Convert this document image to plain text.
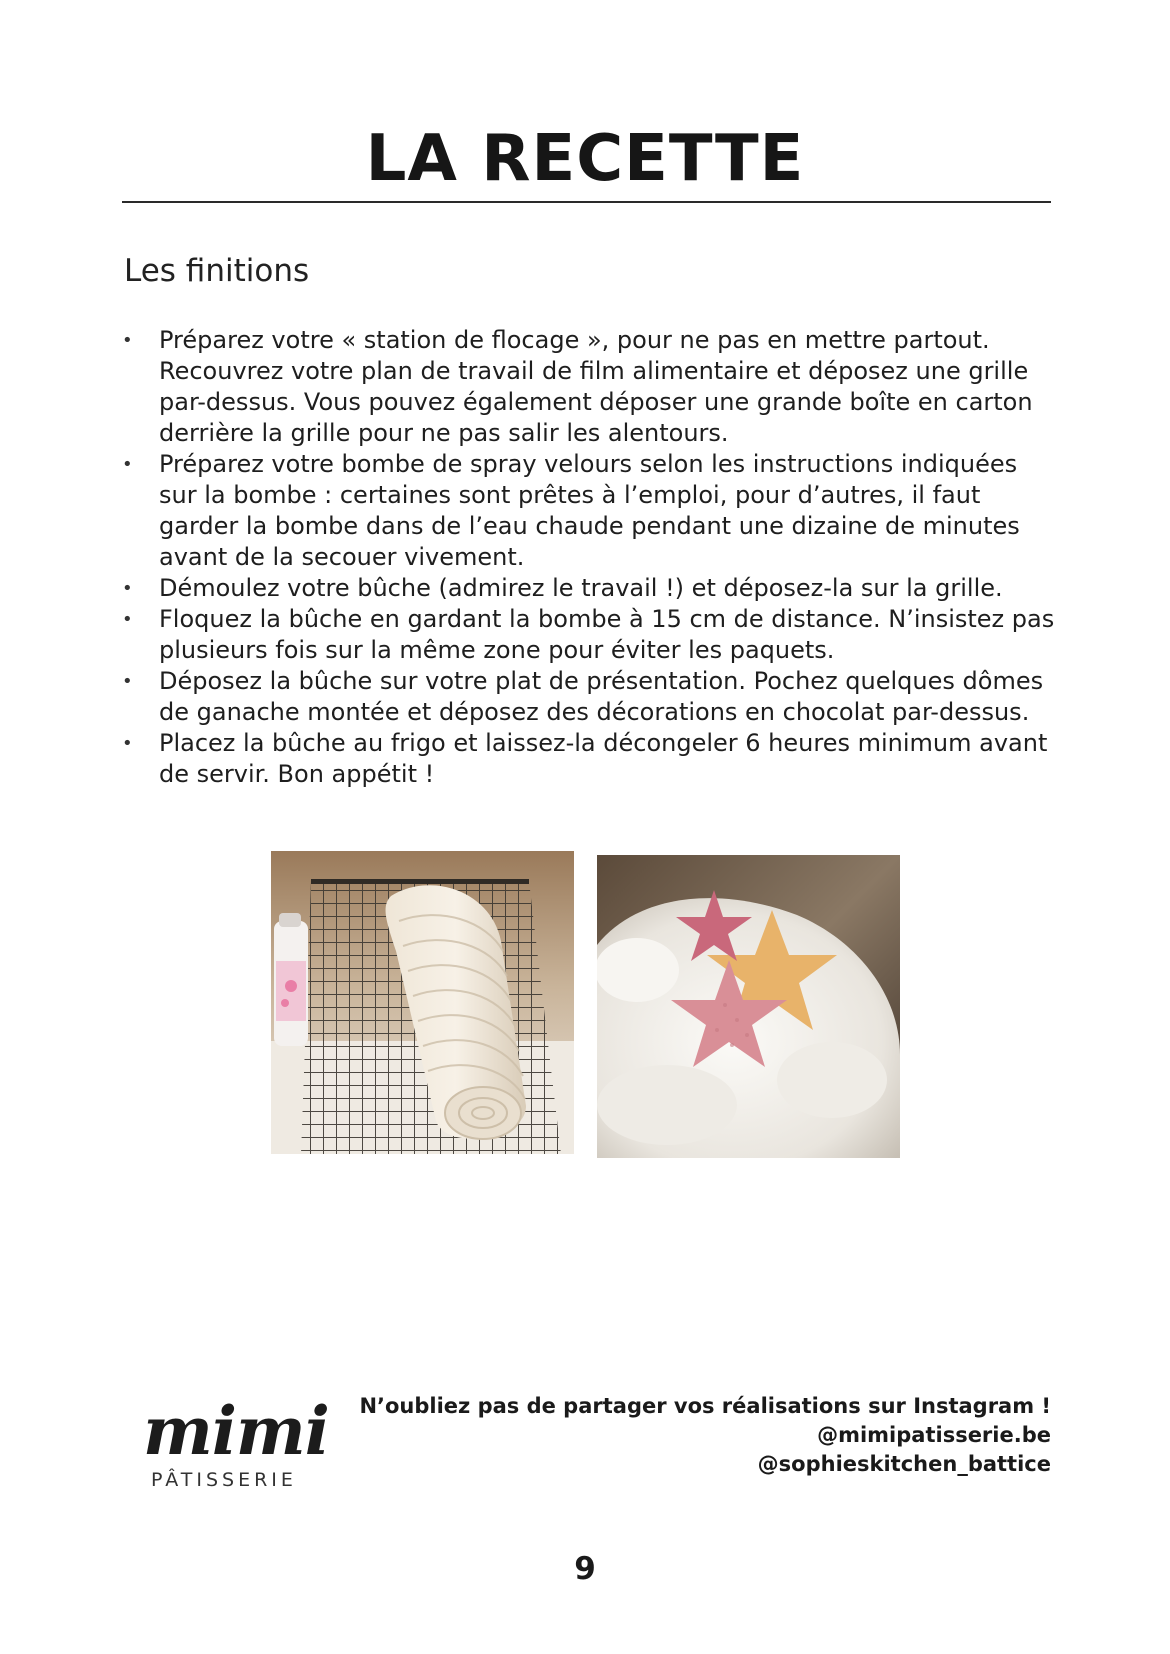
LA RECETTE
Les finitions
• Préparez votre « station de flocage », pour ne pas en mettre partout. Recouvrez votre plan de travail de film alimentaire et déposez une grille par-dessus. Vous pouvez également déposer une grande boîte en carton derrière la grille pour ne pas salir les alentours.
• Préparez votre bombe de spray velours selon les instructions indiquées sur la bombe : certaines sont prêtes à l’emploi, pour d’autres, il faut garder la bombe dans de l’eau chaude pendant une dizaine de minutes avant de la secouer vivement.
• Démoulez votre bûche (admirez le travail !) et déposez-la sur la grille.
• Floquez la bûche en gardant la bombe à 15 cm de distance. N’insistez pas plusieurs fois sur la même zone pour éviter les paquets.
• Déposez la bûche sur votre plat de présentation. Pochez quelques dômes de ganache montée et déposez des décorations en chocolat par-dessus.
• Placez la bûche au frigo et laissez-la décongeler 6 heures minimum avant de servir. Bon appétit !
mimi
PÂTISSERIE
N’oubliez pas de partager vos réalisations sur Instagram !
@mimipatisserie.be
@sophieskitchen_battice
9
